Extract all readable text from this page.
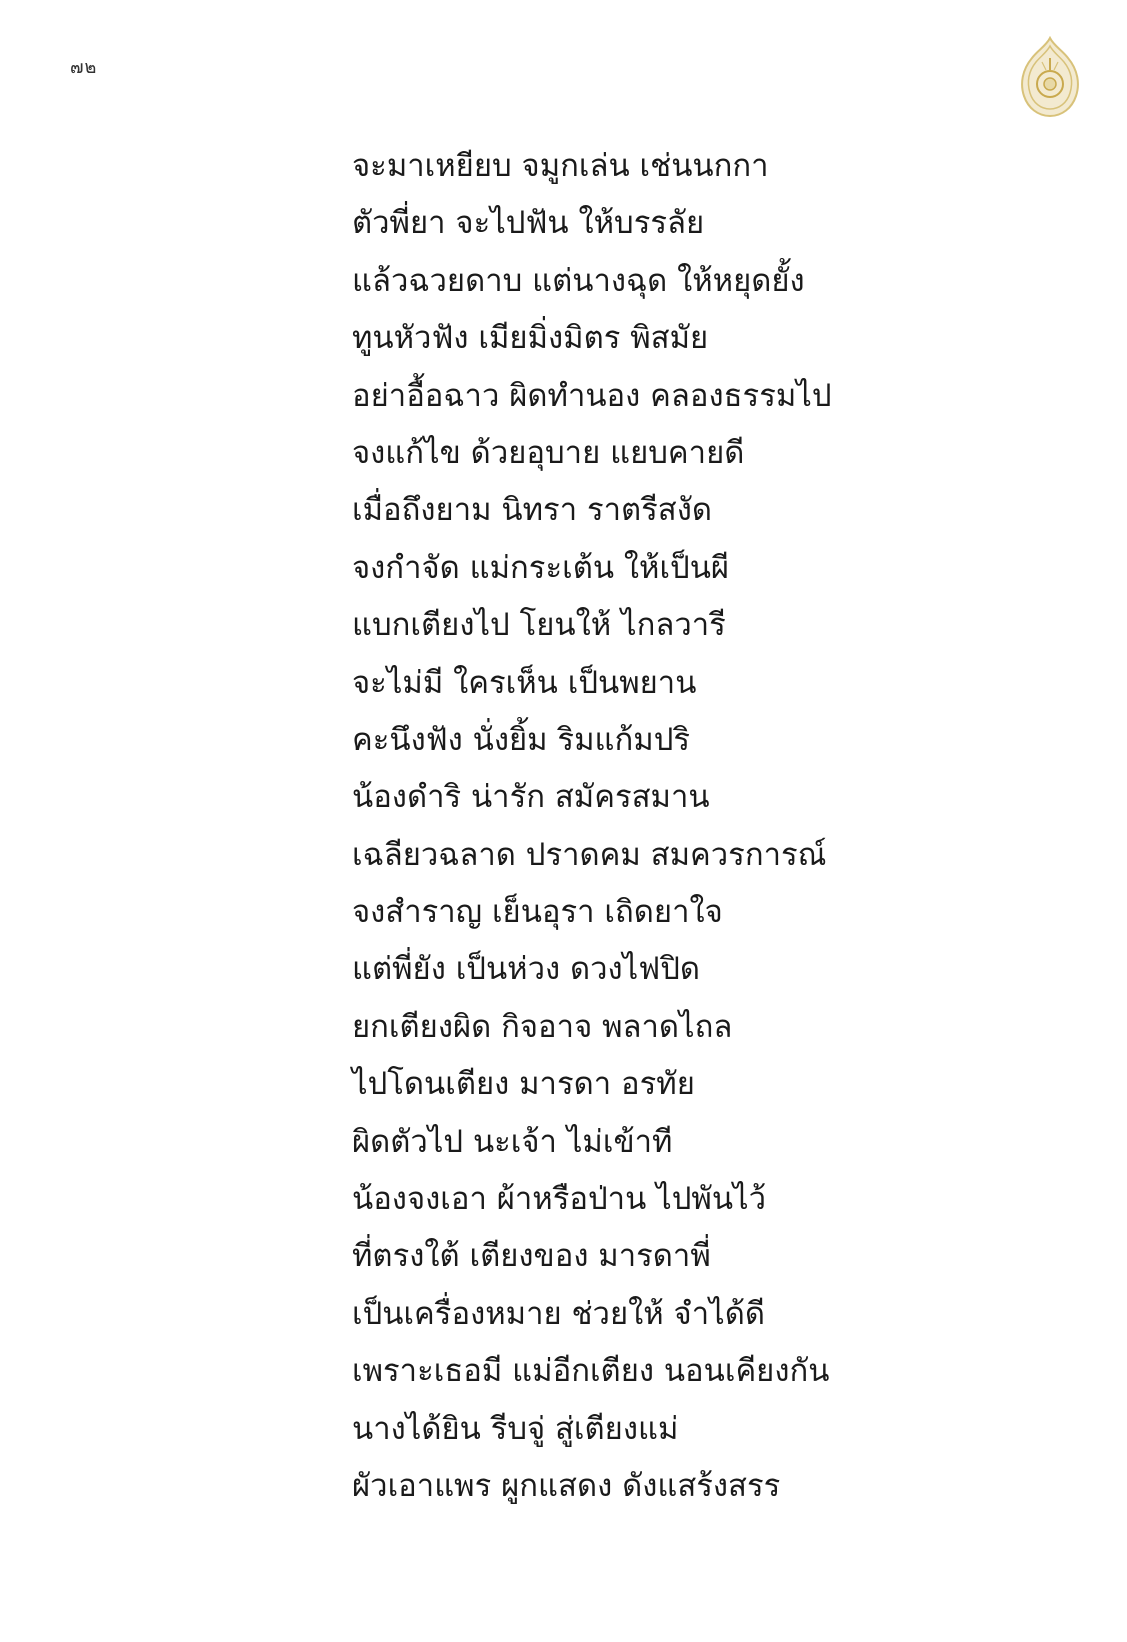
๗๒
จะมาเหยียบ จมูกเล่น เช่นนกกา
ตัวพี่ยา จะไปฟัน ให้บรรลัย
แล้วฉวยดาบ แต่นางฉุด ให้หยุดยั้ง
ทูนหัวฟัง เมียมิ่งมิตร พิสมัย
อย่าอื้อฉาว ผิดทำนอง คลองธรรมไป
จงแก้ไข ด้วยอุบาย แยบคายดี
เมื่อถึงยาม นิทรา ราตรีสงัด
จงกำจัด แม่กระเต้น ให้เป็นผี
แบกเตียงไป โยนให้ ไกลวารี
จะไม่มี ใครเห็น เป็นพยาน
คะนึงฟัง นั่งยิ้ม ริมแก้มปริ
น้องดำริ น่ารัก สมัครสมาน
เฉลียวฉลาด ปราดคม สมควรการณ์
จงสำราญ เย็นอุรา เถิดยาใจ
แต่พี่ยัง เป็นห่วง ดวงไฟปิด
ยกเตียงผิด กิจอาจ พลาดไถล
ไปโดนเตียง มารดา อรทัย
ผิดตัวไป นะเจ้า ไม่เข้าที
น้องจงเอา ผ้าหรือป่าน ไปพันไว้
ที่ตรงใต้ เตียงของ มารดาพี่
เป็นเครื่องหมาย ช่วยให้ จำได้ดี
เพราะเธอมี แม่อีกเตียง นอนเคียงกัน
นางได้ยิน รีบจู่ สู่เตียงแม่
ผัวเอาแพร ผูกแสดง ดังแสร้งสรร
